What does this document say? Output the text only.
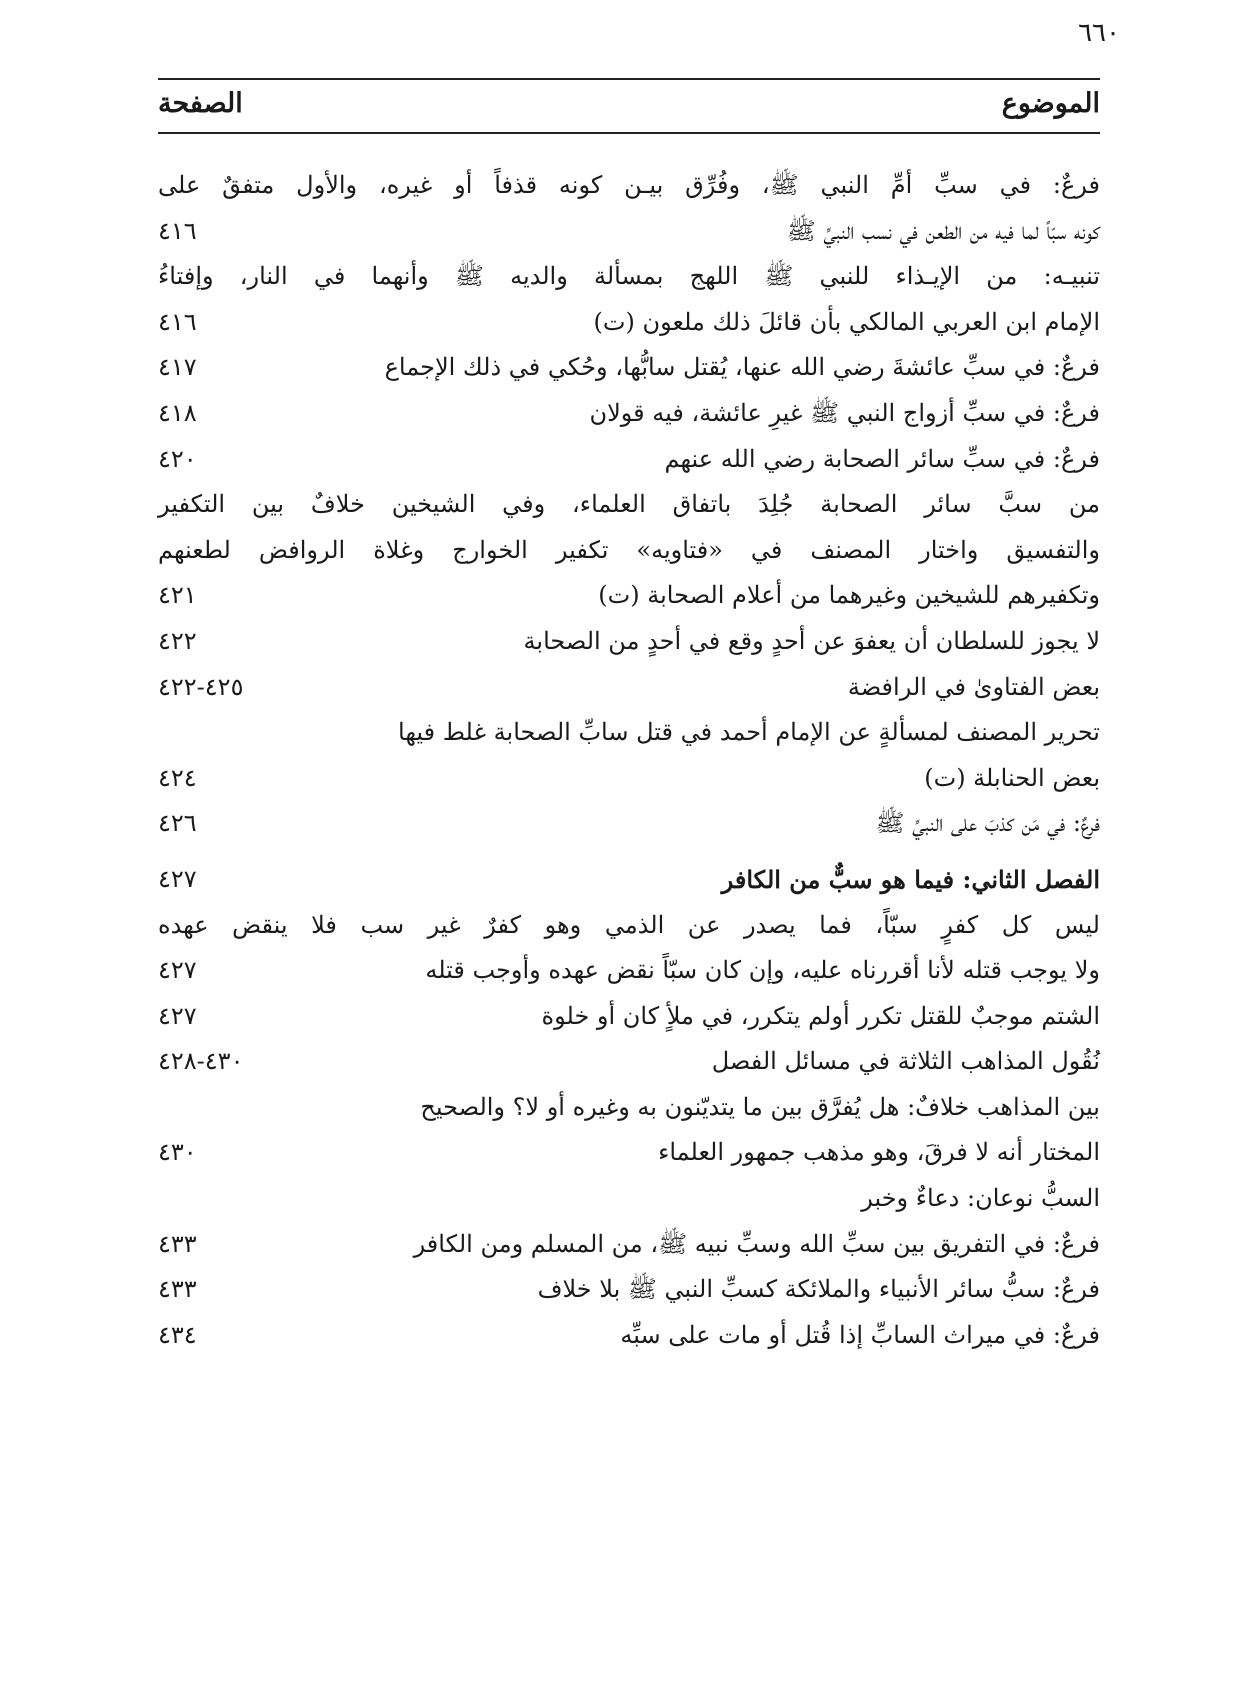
٦٦٠
الموضوع
الصفحة
فرعٌ: في سبِّ أمِّ النبي ﷺ، وفُرِّق بيـن كونه قذفاً أو غيره، والأول متفقٌ على
كونه سبّاً لما فيه من الطعن في نسب النبيِّ ﷺ
٤١٦
تنبيـه: من الإيـذاء للنبي ﷺ اللهج بمسألة والديه ﷺ وأنهما في النار، وإفتاءُ
الإمام ابن العربي المالكي بأن قائلَ ذلك ملعون (ت)
٤١٦
فرعٌ: في سبِّ عائشةَ رضي الله عنها، يُقتل سابُّها، وحُكي في ذلك الإجماع
٤١٧
فرعٌ: في سبِّ أزواج النبي ﷺ غيرِ عائشة، فيه قولان
٤١٨
فرعٌ: في سبِّ سائر الصحابة رضي الله عنهم
٤٢٠
من سبَّ سائر الصحابة جُلِدَ باتفاق العلماء، وفي الشيخين خلافٌ بين التكفير
والتفسيق واختار المصنف في «فتاويه» تكفير الخوارج وغلاة الروافض لطعنهم
وتكفيرهم للشيخين وغيرهما من أعلام الصحابة (ت)
٤٢١
لا يجوز للسلطان أن يعفوَ عن أحدٍ وقع في أحدٍ من الصحابة
٤٢٢
بعض الفتاوىٰ في الرافضة
٤٢٥-٤٢٢
تحرير المصنف لمسألةٍ عن الإمام أحمد في قتل سابِّ الصحابة غلط فيها
بعض الحنابلة (ت)
٤٢٤
فرعٌ: في مَن كذبَ على النبيِّ ﷺ
٤٢٦
الفصل الثاني: فيما هو سبٌّ من الكافر
٤٢٧
ليس كل كفرٍ سبّاً، فما يصدر عن الذمي وهو كفرٌ غير سب فلا ينقض عهده
ولا يوجب قتله لأنا أقررناه عليه، وإن كان سبّاً نقض عهده وأوجب قتله
٤٢٧
الشتم موجبٌ للقتل تكرر أولم يتكرر، في ملأٍ كان أو خلوة
٤٢٧
نُقُول المذاهب الثلاثة في مسائل الفصل
٤٣٠-٤٢٨
بين المذاهب خلافٌ: هل يُفرَّق بين ما يتديّنون به وغيره أو لا؟ والصحيح
المختار أنه لا فرقَ، وهو مذهب جمهور العلماء
٤٣٠
السبُّ نوعان: دعاءٌ وخبر
فرعٌ: في التفريق بين سبِّ الله وسبِّ نبيه ﷺ، من المسلم ومن الكافر
٤٣٣
فرعٌ: سبُّ سائر الأنبياء والملائكة كسبِّ النبي ﷺ بلا خلاف
٤٣٣
فرعٌ: في ميراث السابِّ إذا قُتل أو مات على سبِّه
٤٣٤
